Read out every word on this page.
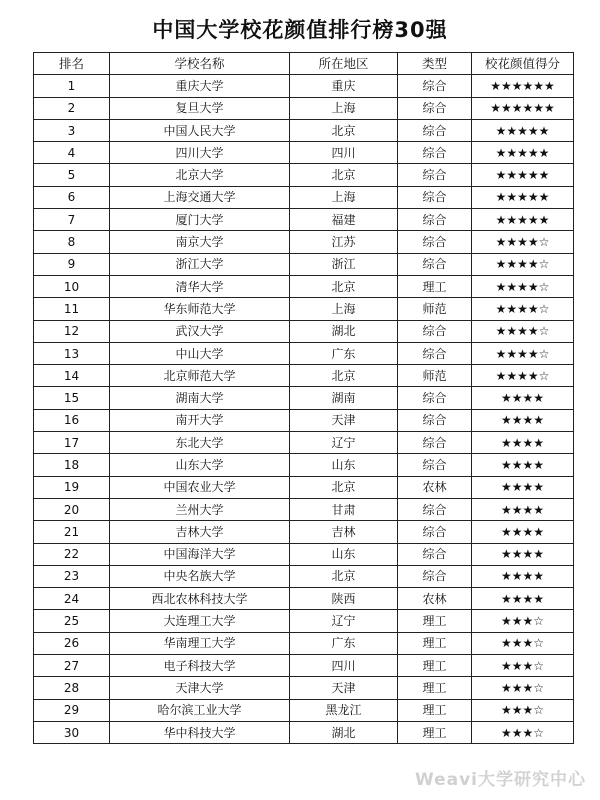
中国大学校花颜值排行榜30强
排名	学校名称	所在地区	类型	校花颜值得分
1	重庆大学	重庆	综合	★★★★★★
2	复旦大学	上海	综合	★★★★★★
3	中国人民大学	北京	综合	★★★★★
4	四川大学	四川	综合	★★★★★
5	北京大学	北京	综合	★★★★★
6	上海交通大学	上海	综合	★★★★★
7	厦门大学	福建	综合	★★★★★
8	南京大学	江苏	综合	★★★★☆
9	浙江大学	浙江	综合	★★★★☆
10	清华大学	北京	理工	★★★★☆
11	华东师范大学	上海	师范	★★★★☆
12	武汉大学	湖北	综合	★★★★☆
13	中山大学	广东	综合	★★★★☆
14	北京师范大学	北京	师范	★★★★☆
15	湖南大学	湖南	综合	★★★★
16	南开大学	天津	综合	★★★★
17	东北大学	辽宁	综合	★★★★
18	山东大学	山东	综合	★★★★
19	中国农业大学	北京	农林	★★★★
20	兰州大学	甘肃	综合	★★★★
21	吉林大学	吉林	综合	★★★★
22	中国海洋大学	山东	综合	★★★★
23	中央名族大学	北京	综合	★★★★
24	西北农林科技大学	陕西	农林	★★★★
25	大连理工大学	辽宁	理工	★★★☆
26	华南理工大学	广东	理工	★★★☆
27	电子科技大学	四川	理工	★★★☆
28	天津大学	天津	理工	★★★☆
29	哈尔滨工业大学	黑龙江	理工	★★★☆
30	华中科技大学	湖北	理工	★★★☆
Weavi大学研究中心
